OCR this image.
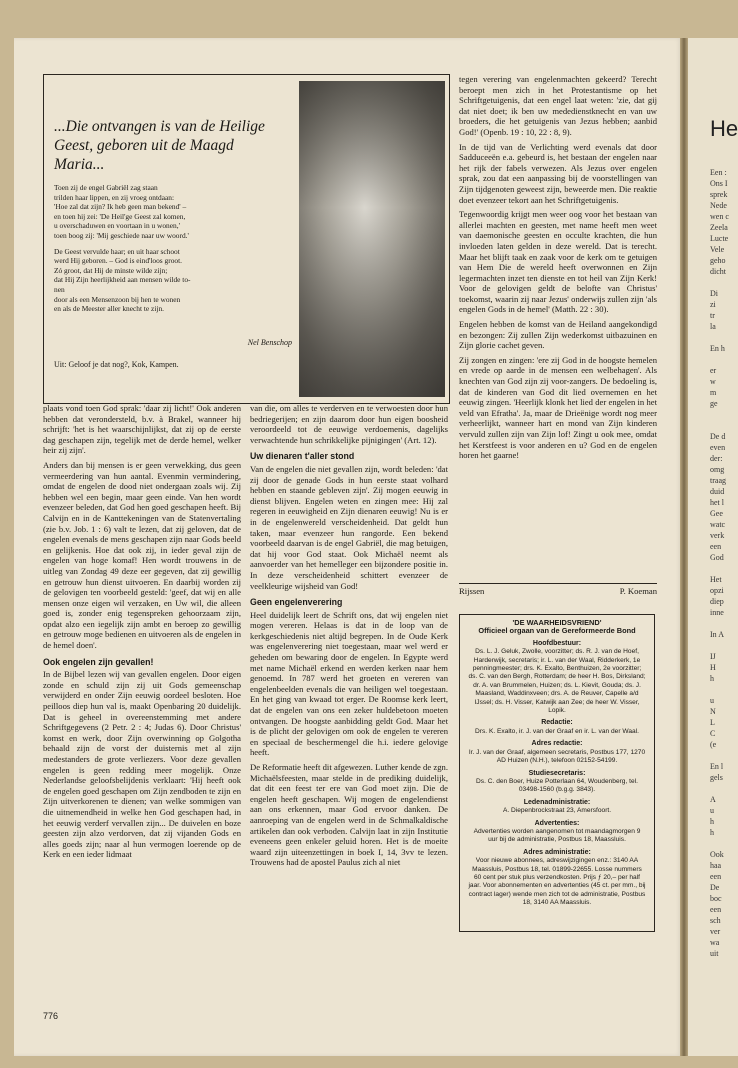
He
Een :
Ons I
sprek
Nede
wen c
Zeela
Lucte
Vele
geho
dicht
Di
zi
tr
la
En h
er
w
m
ge
De d
even
der:
omg
traag
duid
het l
Gee
watc
verk
een
God
Het
opzi
diep
inne
In A
IJ
H
h
u
N
L
C
(e
En l
gels
A
u
h
h
Ook
haa
een
De
boc
een
sch
ver
wa
uit
...Die ontvangen is van de Heilige Geest, geboren uit de Maagd Maria...

Toen zij de engel Gabriël zag staan
trilden haar lippen, en zij vroeg ontdaan:
'Hoe zal dat zijn? Ik heb geen man bekend' –
en toen hij zei: 'De Heil'ge Geest zal komen,
u overschaduwen en voortaan in u wonen,'
toen boog zij: 'Mij geschiede naar uw woord.'

De Geest vervulde haar; en uit haar schoot
werd Hij geboren. – God is eind'loos groot.
Zó groot, dat Hij de minste wilde zijn;
dat Hij Zijn heerlijkheid aan mensen wilde to-
nen
door als een Mensenzoon bij hen te wonen
en als de Meester aller knecht te zijn.

Nel Benschop
Uit: Geloof je dat nog?, Kok, Kampen.

plaats vond toen God sprak: 'daar zij licht!' Ook anderen hebben dat verondersteld, b.v. à Brakel, wanneer hij schrijft: 'het is het waarschijnlijkst, dat zij op de eerste dag geschapen zijn, tegelijk met de derde hemel, welker heir zij zijn'.

Anders dan bij mensen is er geen verwekking, dus geen vermeerdering van hun aantal. Evenmin vermindering, omdat de engelen de dood niet ondergaan zoals wij. Zij hebben wel een begin, maar geen einde. Van hen wordt evenzeer beleden, dat God hen goed geschapen heeft. Bij Calvijn en in de Kanttekeningen van de Statenvertaling (zie b.v. Job. 1 : 6) valt te lezen, dat zij geloven, dat de engelen evenals de mens geschapen zijn naar Gods beeld en gelijkenis. Hoe dat ook zij, in ieder geval zijn de engelen van hoge komaf! Hen wordt trouwens in de uitleg van Zondag 49 deze eer gegeven, dat zij gewillig en getrouw hun dienst uitvoeren. En daarbij worden zij de gelovigen ten voorbeeld gesteld: 'geef, dat wij en alle mensen onze eigen wil verzaken, en Uw wil, die alleen goed is, zonder enig tegenspreken gehoorzaam zijn, opdat alzo een iegelijk zijn ambt en beroep zo gewillig en getrouw moge bedienen en uitvoeren als de engelen in de hemel doen'.

Ook engelen zijn gevallen!

In de Bijbel lezen wij van gevallen engelen. Door eigen zonde en schuld zijn zij uit Gods gemeenschap verwijderd en onder Zijn eeuwig oordeel besloten. Hoe peilloos diep hun val is, maakt Openbaring 20 duidelijk. Dat is geheel in overeenstemming met andere Schriftgegevens (2 Petr. 2 : 4; Judas 6). Door Christus' komst en werk, door Zijn overwinning op Golgotha behaald zijn de vorst der duisternis met al zijn medestanders de grote verliezers. Voor deze gevallen engelen is geen redding meer mogelijk. Onze Nederlandse geloofsbelijdenis verklaart: 'Hij heeft ook de engelen goed geschapen om Zijn zendboden te zijn en Zijn uitverkorenen te dienen; van welke sommigen van die uitnemendheid in welke hen God geschapen had, in het eeuwig verderf vervallen zijn... De duivelen en boze geesten zijn alzo verdorven, dat zij vijanden Gods en alles goeds zijn; naar al hun vermogen loerende op de Kerk en een ieder lidmaat

van die, om alles te verderven en te verwoesten door hun bedriegerijen; en zijn daarom door hun eigen boosheid veroordeeld tot de eeuwige verdoemenis, dagelijks verwachtende hun schrikkelijke pijnigingen' (Art. 12).

Uw dienaren t'aller stond

Van de engelen die niet gevallen zijn, wordt beleden: 'dat zij door de genade Gods in hun eerste staat volhard hebben en staande gebleven zijn'. Zij mogen eeuwig in dienst blijven. Engelen weten en zingen mee: Hij zal regeren in eeuwigheid en Zijn dienaren eeuwig! Nu is er in de engelenwereld verscheidenheid. Dat geldt hun taken, maar evenzeer hun rangorde. Een bekend voorbeeld daarvan is de engel Gabriël, die mag betuigen, dat hij voor God staat. Ook Michaël neemt als aanvoerder van het hemelleger een bijzondere positie in. In deze verscheidenheid schittert evenzeer de veelkleurige wijsheid van God!

Geen engelenverering

Heel duidelijk leert de Schrift ons, dat wij engelen niet mogen vereren. Helaas is dat in de loop van de kerkgeschiedenis niet altijd begrepen. In de Oude Kerk was engelenverering niet toegestaan, maar wel werd er geheden om bewaring door de engelen. In Egypte werd met name Michaël erkend en werden kerken naar hem genoemd. In 787 werd het groeten en vereren van engelenbeelden evenals die van heiligen wel toegestaan. En het ging van kwaad tot erger. De Roomse kerk leert, dat de engelen van ons een zeker huldebetoon moeten ontvangen. De hoogste aanbidding geldt God. Maar het is de plicht der gelovigen om ook de engelen te vereren en speciaal de beschermengel die h.i. iedere gelovige heeft.

De Reformatie heeft dit afgewezen. Luther kende de zgn. Michaëlsfeesten, maar stelde in de prediking duidelijk, dat dit een feest ter ere van God moet zijn. Die de engelen heeft geschapen. Wij mogen de engelendienst aan ons erkennen, maar God ervoor danken. De aanroeping van de engelen werd in de Schmalkaldische artikelen dan ook verboden. Calvijn laat in zijn Institutie eveneens geen enkeler geluid horen. Het is de moeite waard zijn uiteenzettingen in boek I, 14, 3vv te lezen. Trouwens had de apostel Paulus zich al niet

tegen verering van engelenmachten gekeerd? Terecht beroept men zich in het Protestantisme op het Schriftgetuigenis, dat een engel laat weten: 'zie, dat gij dat niet doet; ik ben uw mededienstknecht en van uw broeders, die het getuigenis van Jezus hebben; aanbid God!' (Openb. 19 : 10, 22 : 8, 9).

In de tijd van de Verlichting werd evenals dat door Sadduceeën e.a. gebeurd is, het bestaan der engelen naar het rijk der fabels verwezen. Als Jezus over engelen sprak, zou dat een aanpassing bij de voorstellingen van Zijn tijdgenoten geweest zijn, beweerde men. Die reaktie doet evenzeer tekort aan het Schriftgetuigenis.

Tegenwoordig krijgt men weer oog voor het bestaan van allerlei machten en geesten, met name heeft men weet van daemonische geesten en occulte krachten, die hun invloeden laten gelden in deze wereld. Dat is terecht. Maar het blijft taak en zaak voor de kerk om te getuigen van Hem Die de wereld heeft overwonnen en Zijn legermachten inzet ten dienste en tot heil van Zijn Kerk! Voor de gelovigen geldt de belofte van Christus' toekomst, waarin zij naar Jezus' onderwijs zullen zijn 'als engelen Gods in de hemel' (Matth. 22 : 30).

Engelen hebben de komst van de Heiland aangekondigd en bezongen: Zij zullen Zijn wederkomst uitbazuinen en Zijn glorie cachet geven.

Zij zongen en zingen: 'ere zij God in de hoogste hemelen en vrede op aarde in de mensen een welbehagen'. Als knechten van God zijn zij voor-zangers. De bedoeling is, dat de kinderen van God dit lied overnemen en het eeuwig zingen. 'Heerlijk klonk het lied der engelen in het veld van Efratha'. Ja, maar de Drieënige wordt nog meer verheerlijkt, wanneer hart en mond van Zijn kinderen vervuld zullen zijn van Zijn lof! Zingt u ook mee, omdat het Kerstfeest is voor anderen en u? God en de engelen horen het gaarne!

Rijssen	P. Koeman
'DE WAARHEIDSVRIEND'
Officieel orgaan van de Gereformeerde Bond
Hoofdbestuur:
Ds. L. J. Geluk, Zwolle, voorzitter; ds. R. J. van de Hoef, Harderwijk, secretaris; ir. L. van der Waal, Ridderkerk, 1e penningmeester; drs. K. Exalto, Benthuizen, 2e voorzitter; ds. C. van den Bergh, Rotterdam; de heer H. Bos, Dirksland; dr. A. van Brummelen, Huizen; ds. L. Kievit, Gouda; ds. J. Maasland, Waddinxveen; drs. A. de Reuver, Capelle a/d IJssel; ds. H. Visser, Katwijk aan Zee; de heer W. Visser, Lopik.
Redactie:
Drs. K. Exalto, ir. J. van der Graaf en ir. L. van der Waal.
Adres redactie:
Ir. J. van der Graaf, algemeen secretaris, Postbus 177, 1270 AD Huizen (N.H.), telefoon 02152-54199.
Studiesecretaris:
Ds. C. den Boer, Huize Potterlaan 64, Woudenberg, tel. 03498-1560 (b.g.g. 3843).
Ledenadministratie:
A. Diepenbrockstraat 23, Amersfoort.
Advertenties:
Advertenties worden aangenomen tot maandagmorgen 9 uur bij de administratie, Postbus 18, Maassluis.
Adres administratie:
Voor nieuwe abonnees, adreswijzigingen enz.: 3140 AA Maassluis, Postbus 18, tel. 01899-22655. Losse nummers 60 cent per stuk plus verzendkosten. Prijs ƒ 20,– per half jaar. Voor abonnementen en advertenties (45 ct. per mm., bij contract lager) wende men zich tot de administratie, Postbus 18, 3140 AA Maassluis.
776
